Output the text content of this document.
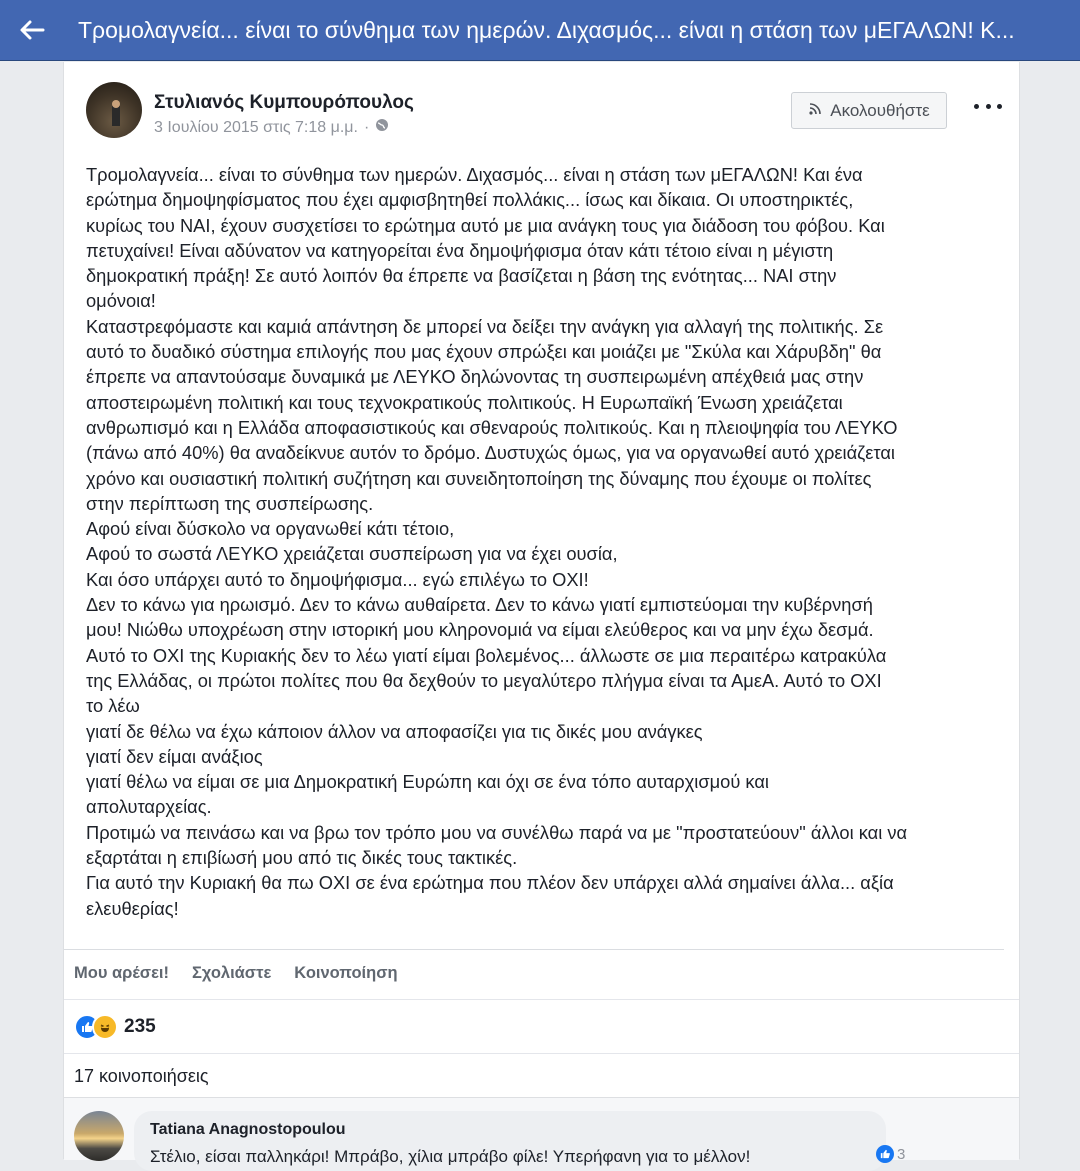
Τρομολαγνεία... είναι το σύνθημα των ημερών. Διχασμός... είναι η στάση των μΕΓΑΛΩΝ! Κ...
Στυλιανός Κυμπουρόπουλος
3 Ιουλίου 2015 στις 7:18 μ.μ. ·
Ακολουθήστε

Τρομολαγνεία... είναι το σύνθημα των ημερών. Διχασμός... είναι η στάση των μΕΓΑΛΩΝ! Και ένα

ερώτημα δημοψηφίσματος που έχει αμφισβητηθεί πολλάκις... ίσως και δίκαια. Οι υποστηρικτές,

κυρίως του ΝΑΙ, έχουν συσχετίσει το ερώτημα αυτό με μια ανάγκη τους για διάδοση του φόβου. Και

πετυχαίνει! Είναι αδύνατον να κατηγορείται ένα δημοψήφισμα όταν κάτι τέτοιο είναι η μέγιστη

δημοκρατική πράξη! Σε αυτό λοιπόν θα έπρεπε να βασίζεται η βάση της ενότητας... ΝΑΙ στην

ομόνοια!

Καταστρεφόμαστε και καμιά απάντηση δε μπορεί να δείξει την ανάγκη για αλλαγή της πολιτικής. Σε

αυτό το δυαδικό σύστημα επιλογής που μας έχουν σπρώξει και μοιάζει με "Σκύλα και Χάρυβδη" θα

έπρεπε να απαντούσαμε δυναμικά με ΛΕΥΚΟ δηλώνοντας τη συσπειρωμένη απέχθειά μας στην

αποστειρωμένη πολιτική και τους τεχνοκρατικούς πολιτικούς. Η Ευρωπαϊκή Ένωση χρειάζεται

ανθρωπισμό και η Ελλάδα αποφασιστικούς και σθεναρούς πολιτικούς. Και η πλειοψηφία του ΛΕΥΚΟ

(πάνω από 40%) θα αναδείκνυε αυτόν το δρόμο. Δυστυχώς όμως, για να οργανωθεί αυτό χρειάζεται

χρόνο και ουσιαστική πολιτική συζήτηση και συνειδητοποίηση της δύναμης που έχουμε οι πολίτες

στην περίπτωση της συσπείρωσης.

Αφού είναι δύσκολο να οργανωθεί κάτι τέτοιο,

Αφού το σωστά ΛΕΥΚΟ χρειάζεται συσπείρωση για να έχει ουσία,

Και όσο υπάρχει αυτό το δημοψήφισμα... εγώ επιλέγω το ΟΧΙ!

Δεν το κάνω για ηρωισμό. Δεν το κάνω αυθαίρετα. Δεν το κάνω γιατί εμπιστεύομαι την κυβέρνησή

μου! Νιώθω υποχρέωση στην ιστορική μου κληρονομιά να είμαι ελεύθερος και να μην έχω δεσμά.

Αυτό το ΟΧΙ της Κυριακής δεν το λέω γιατί είμαι βολεμένος... άλλωστε σε μια περαιτέρω κατρακύλα

της Ελλάδας, οι πρώτοι πολίτες που θα δεχθούν το μεγαλύτερο πλήγμα είναι τα ΑμεΑ. Αυτό το ΟΧΙ

το λέω

γιατί δε θέλω να έχω κάποιον άλλον να αποφασίζει για τις δικές μου ανάγκες

γιατί δεν είμαι ανάξιος

γιατί θέλω να είμαι σε μια Δημοκρατική Ευρώπη και όχι σε ένα τόπο αυταρχισμού και

απολυταρχείας.

Προτιμώ να πεινάσω και να βρω τον τρόπο μου να συνέλθω παρά να με "προστατεύουν" άλλοι και να

εξαρτάται η επιβίωσή μου από τις δικές τους τακτικές.

Για αυτό την Κυριακή θα πω ΟΧΙ σε ένα ερώτημα που πλέον δεν υπάρχει αλλά σημαίνει άλλα... αξία

ελευθερίας!

Μου αρέσει! Σχολιάστε Κοινοποίηση
235
17 κοινοποιήσεις
Tatiana Anagnostopoulou
Στέλιο, είσαι παλληκάρι! Μπράβο, χίλια μπράβο φίλε! Υπερήφανη για το μέλλον!	3
